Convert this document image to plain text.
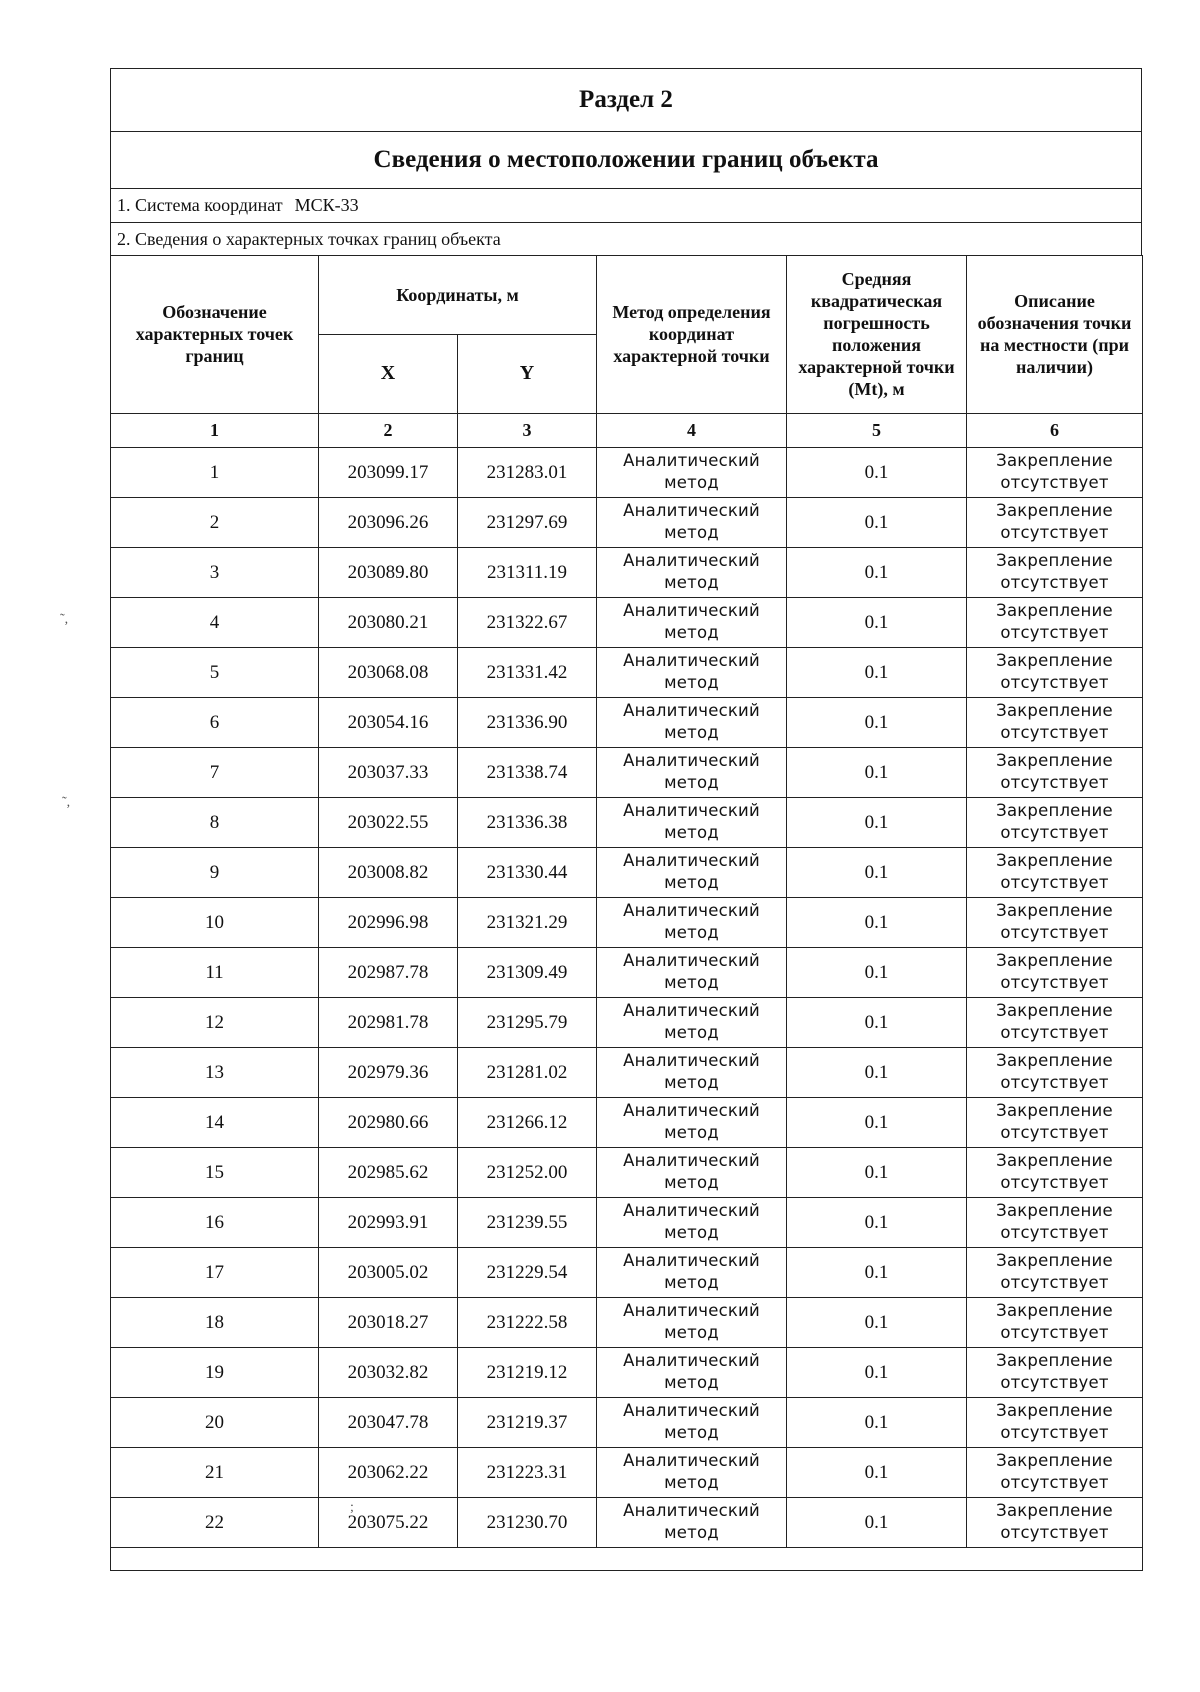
Раздел 2
Сведения о местоположении границ объекта
1. Система координат МСК-33
2. Сведения о характерных точках границ объекта
Обозначение характерных точек границ	Координаты, м		Метод определения координат характерной точки	Средняя квадратическая погрешность положения характерной точки (Mt), м	Описание обозначения точки на местности (при наличии)
	X	Y			
1	2	3	4	5	6
1	203099.17	231283.01	Аналитический метод	0.1	Закрепление отсутствует
2	203096.26	231297.69	Аналитический метод	0.1	Закрепление отсутствует
3	203089.80	231311.19	Аналитический метод	0.1	Закрепление отсутствует
4	203080.21	231322.67	Аналитический метод	0.1	Закрепление отсутствует
5	203068.08	231331.42	Аналитический метод	0.1	Закрепление отсутствует
6	203054.16	231336.90	Аналитический метод	0.1	Закрепление отсутствует
7	203037.33	231338.74	Аналитический метод	0.1	Закрепление отсутствует
8	203022.55	231336.38	Аналитический метод	0.1	Закрепление отсутствует
9	203008.82	231330.44	Аналитический метод	0.1	Закрепление отсутствует
10	202996.98	231321.29	Аналитический метод	0.1	Закрепление отсутствует
11	202987.78	231309.49	Аналитический метод	0.1	Закрепление отсутствует
12	202981.78	231295.79	Аналитический метод	0.1	Закрепление отсутствует
13	202979.36	231281.02	Аналитический метод	0.1	Закрепление отсутствует
14	202980.66	231266.12	Аналитический метод	0.1	Закрепление отсутствует
15	202985.62	231252.00	Аналитический метод	0.1	Закрепление отсутствует
16	202993.91	231239.55	Аналитический метод	0.1	Закрепление отсутствует
17	203005.02	231229.54	Аналитический метод	0.1	Закрепление отсутствует
18	203018.27	231222.58	Аналитический метод	0.1	Закрепление отсутствует
19	203032.82	231219.12	Аналитический метод	0.1	Закрепление отсутствует
20	203047.78	231219.37	Аналитический метод	0.1	Закрепление отсутствует
21	203062.22	231223.31	Аналитический метод	0.1	Закрепление отсутствует
22	203075.22	231230.70	Аналитический метод	0.1	Закрепление отсутствует

˜,
˜,
;
